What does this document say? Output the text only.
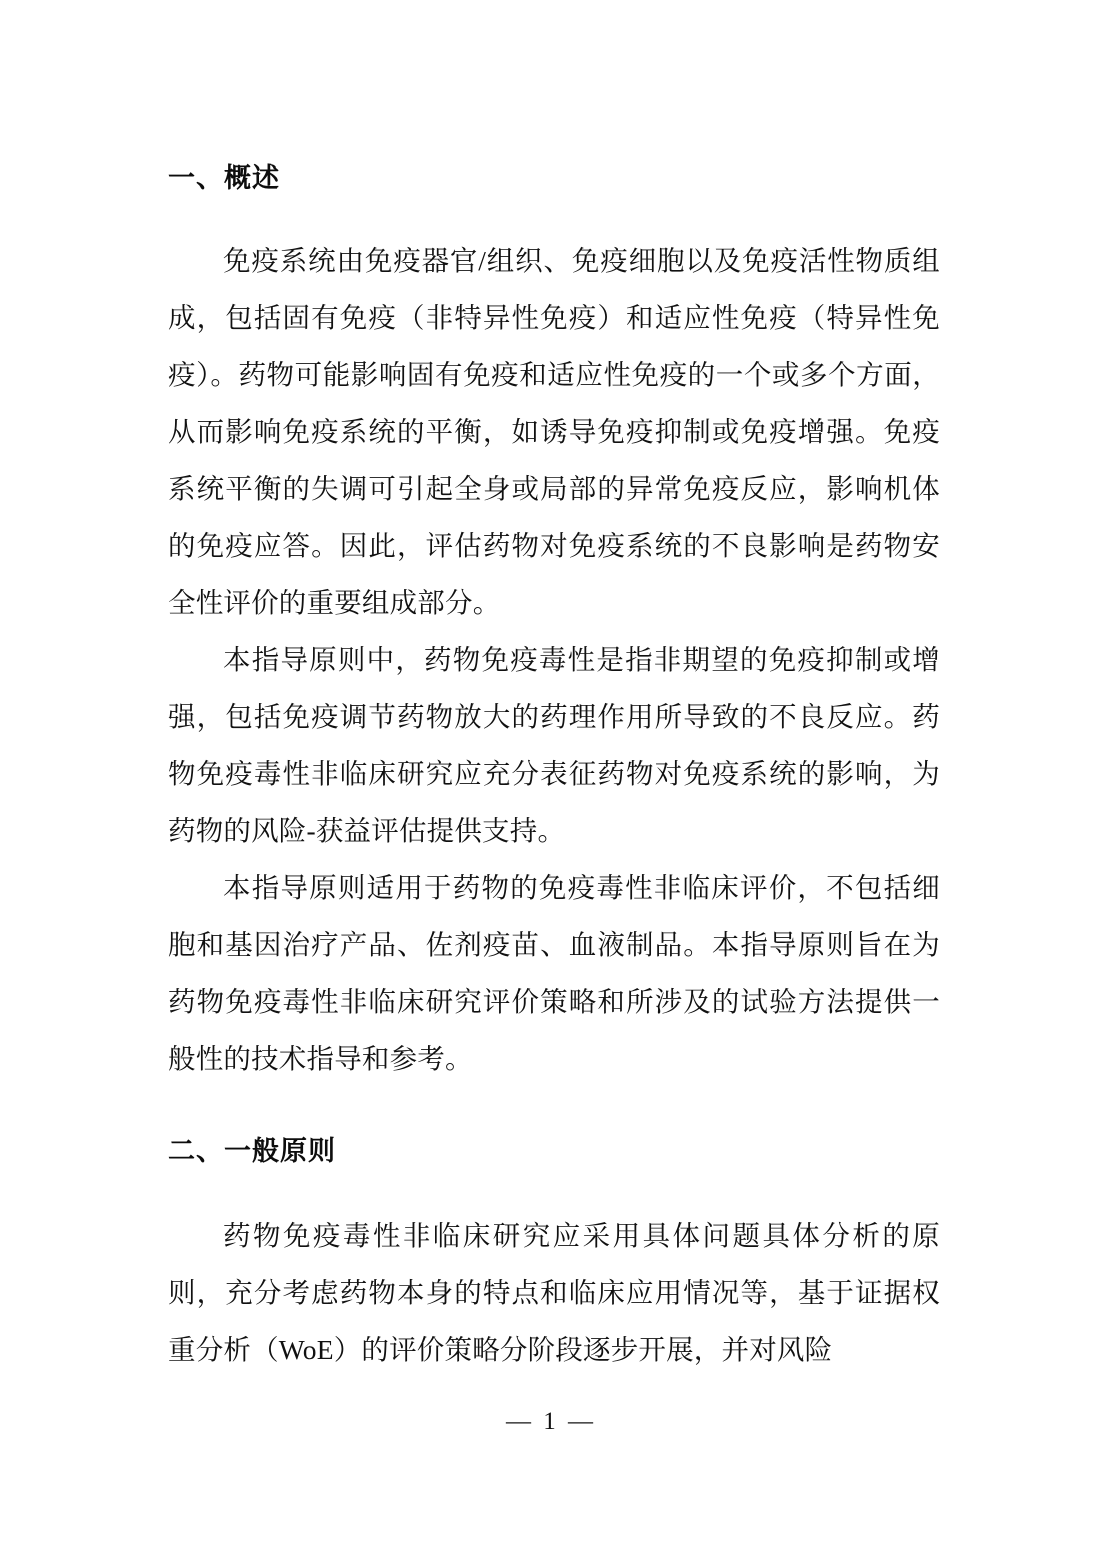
一、概述

免疫系统由免疫器官/组织、免疫细胞以及免疫活性物质组成，包括固有免疫（非特异性免疫）和适应性免疫（特异性免疫）。药物可能影响固有免疫和适应性免疫的一个或多个方面，从而影响免疫系统的平衡，如诱导免疫抑制或免疫增强。免疫系统平衡的失调可引起全身或局部的异常免疫反应，影响机体的免疫应答。因此，评估药物对免疫系统的不良影响是药物安全性评价的重要组成部分。

本指导原则中，药物免疫毒性是指非期望的免疫抑制或增强，包括免疫调节药物放大的药理作用所导致的不良反应。药物免疫毒性非临床研究应充分表征药物对免疫系统的影响，为药物的风险-获益评估提供支持。

本指导原则适用于药物的免疫毒性非临床评价，不包括细胞和基因治疗产品、佐剂疫苗、血液制品。本指导原则旨在为药物免疫毒性非临床研究评价策略和所涉及的试验方法提供一般性的技术指导和参考。

二、一般原则

药物免疫毒性非临床研究应采用具体问题具体分析的原则，充分考虑药物本身的特点和临床应用情况等，基于证据权重分析（WoE）的评价策略分阶段逐步开展，并对风险

— 1 —
